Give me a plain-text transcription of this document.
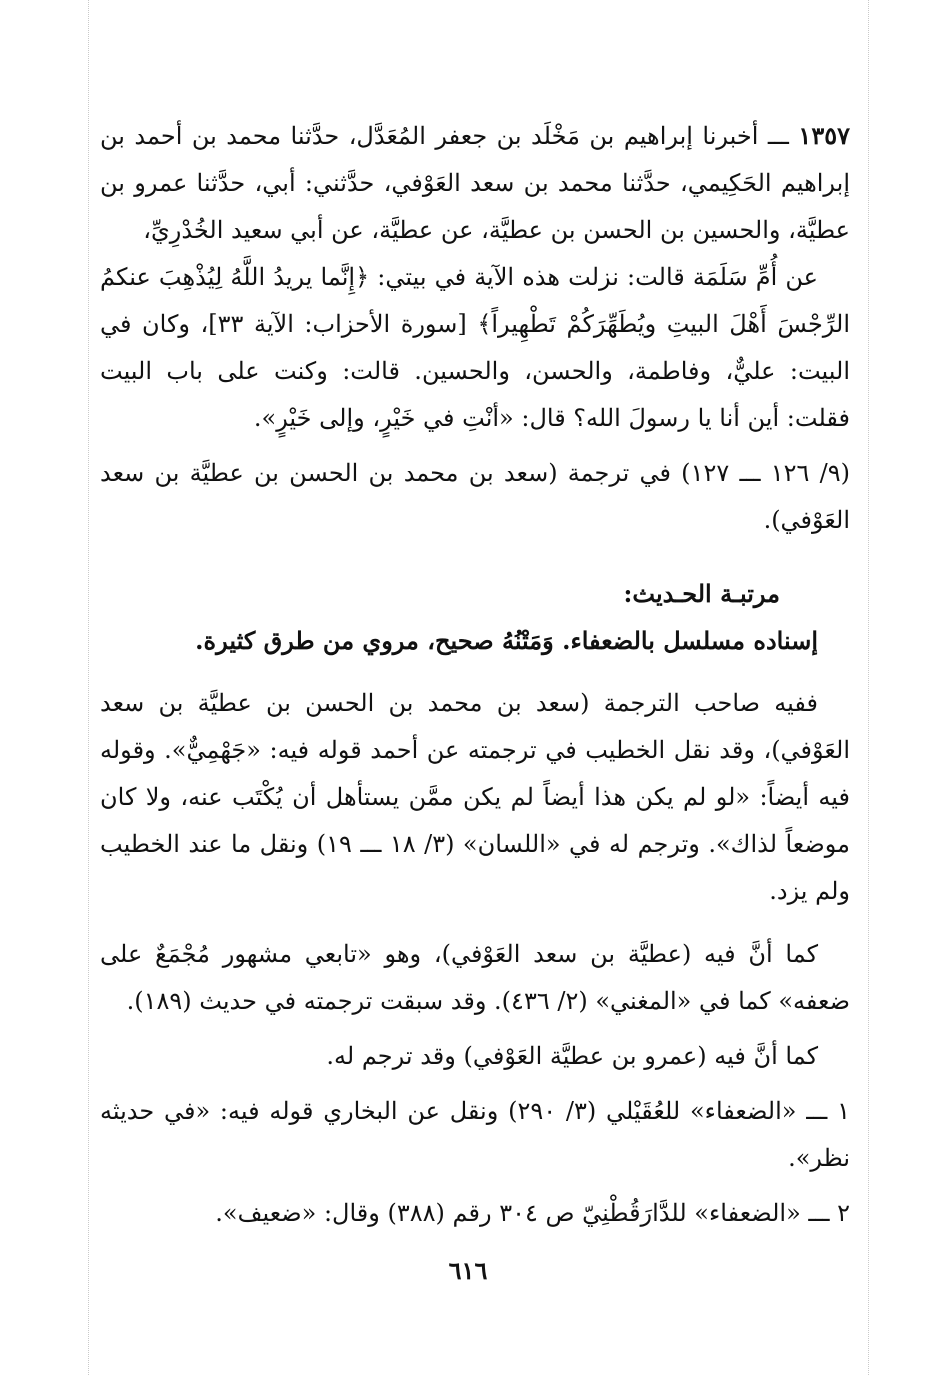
١٣٥٧ ـــ أخبرنا إبراهيم بن مَخْلَد بن جعفر المُعَدَّل، حدَّثنا محمد بن أحمد بن إبراهيم الحَكِيمي، حدَّثنا محمد بن سعد العَوْفي، حدَّثني: أبي، حدَّثنا عمرو بن عطيَّة، والحسين بن الحسن بن عطيَّة، عن عطيَّة، عن أبي سعيد الخُدْرِيِّ،

عن أُمِّ سَلَمَة قالت: نزلت هذه الآية في بيتي: ﴿إِنَّما يريدُ اللَّهُ لِيُذْهِبَ عنكمُ الرِّجْسَ أَهْلَ البيتِ ويُطَهِّرَكُمْ تَطْهِيراً﴾ [سورة الأحزاب: الآية ٣٣]، وكان في البيت: عليٌّ، وفاطمة، والحسن، والحسين. قالت: وكنت على باب البيت فقلت: أين أنا يا رسولَ الله؟ قال: «أنْتِ في خَيْرٍ، وإلى خَيْرٍ».

(٩/ ١٢٦ ـــ ١٢٧) في ترجمة (سعد بن محمد بن الحسن بن عطيَّة بن سعد العَوْفي).

مرتبـة الحـديث:

إسناده مسلسل بالضعفاء. وَمَتْنُهُ صحيح، مروي من طرق كثيرة.

ففيه صاحب الترجمة (سعد بن محمد بن الحسن بن عطيَّة بن سعد العَوْفي)، وقد نقل الخطيب في ترجمته عن أحمد قوله فيه: «جَهْمِيٌّ». وقوله فيه أيضاً: «لو لم يكن هذا أيضاً لم يكن ممَّن يستأهل أن يُكْتَب عنه، ولا كان موضعاً لذاك». وترجم له في «اللسان» (٣/ ١٨ ـــ ١٩) ونقل ما عند الخطيب ولم يزد.

كما أنَّ فيه (عطيَّة بن سعد العَوْفي)، وهو «تابعي مشهور مُجْمَعٌ على ضعفه» كما في «المغني» (٢/ ٤٣٦). وقد سبقت ترجمته في حديث (١٨٩).

كما أنَّ فيه (عمرو بن عطيَّة العَوْفي) وقد ترجم له.

١ ـــ «الضعفاء» للعُقَيْلي (٣/ ٢٩٠) ونقل عن البخاري قوله فيه: «في حديثه نظر».

٢ ـــ «الضعفاء» للدَّارَقُطْنِيّ ص ٣٠٤ رقم (٣٨٨) وقال: «ضعيف».

٦١٦
